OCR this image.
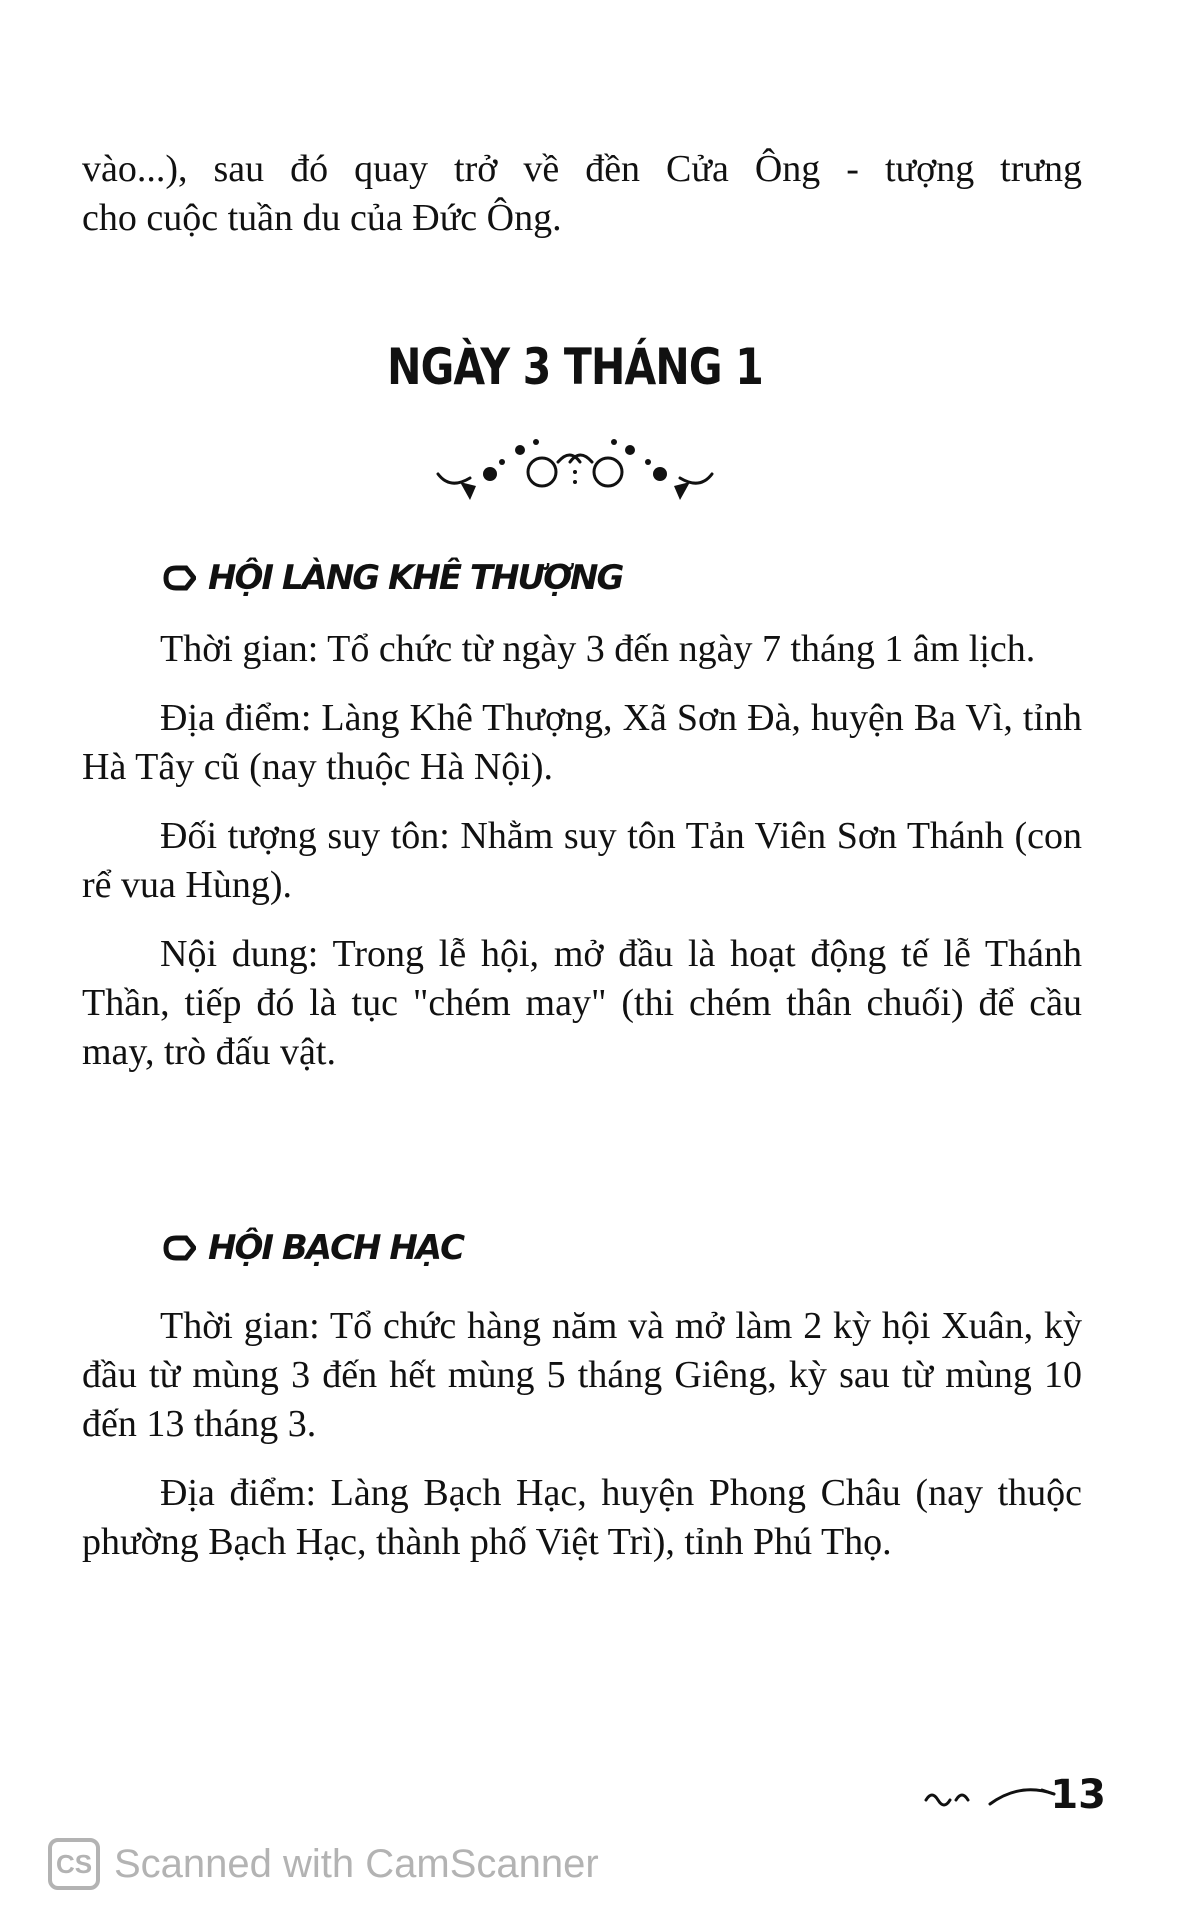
vào...), sau đó quay trở về đền Cửa Ông - tượng trưng

cho cuộc tuần du của Đức Ông.

NGÀY 3 THÁNG 1
HỘI LÀNG KHÊ THƯỢNG

Thời gian: Tổ chức từ ngày 3 đến ngày 7 tháng 1 âm lịch.

Địa điểm: Làng Khê Thượng, Xã Sơn Đà, huyện Ba Vì, tỉnh Hà Tây cũ (nay thuộc Hà Nội).

Đối tượng suy tôn: Nhằm suy tôn Tản Viên Sơn Thánh (con rể vua Hùng).

Nội dung: Trong lễ hội, mở đầu là hoạt động tế lễ Thánh Thần, tiếp đó là tục "chém may" (thi chém thân chuối) để cầu may, trò đấu vật.

HỘI BẠCH HẠC

Thời gian: Tổ chức hàng năm và mở làm 2 kỳ hội Xuân, kỳ đầu từ mùng 3 đến hết mùng 5 tháng Giêng, kỳ sau từ mùng 10 đến 13 tháng 3.

Địa điểm: Làng Bạch Hạc, huyện Phong Châu (nay thuộc phường Bạch Hạc, thành phố Việt Trì), tỉnh Phú Thọ.

13
CS Scanned with CamScanner
